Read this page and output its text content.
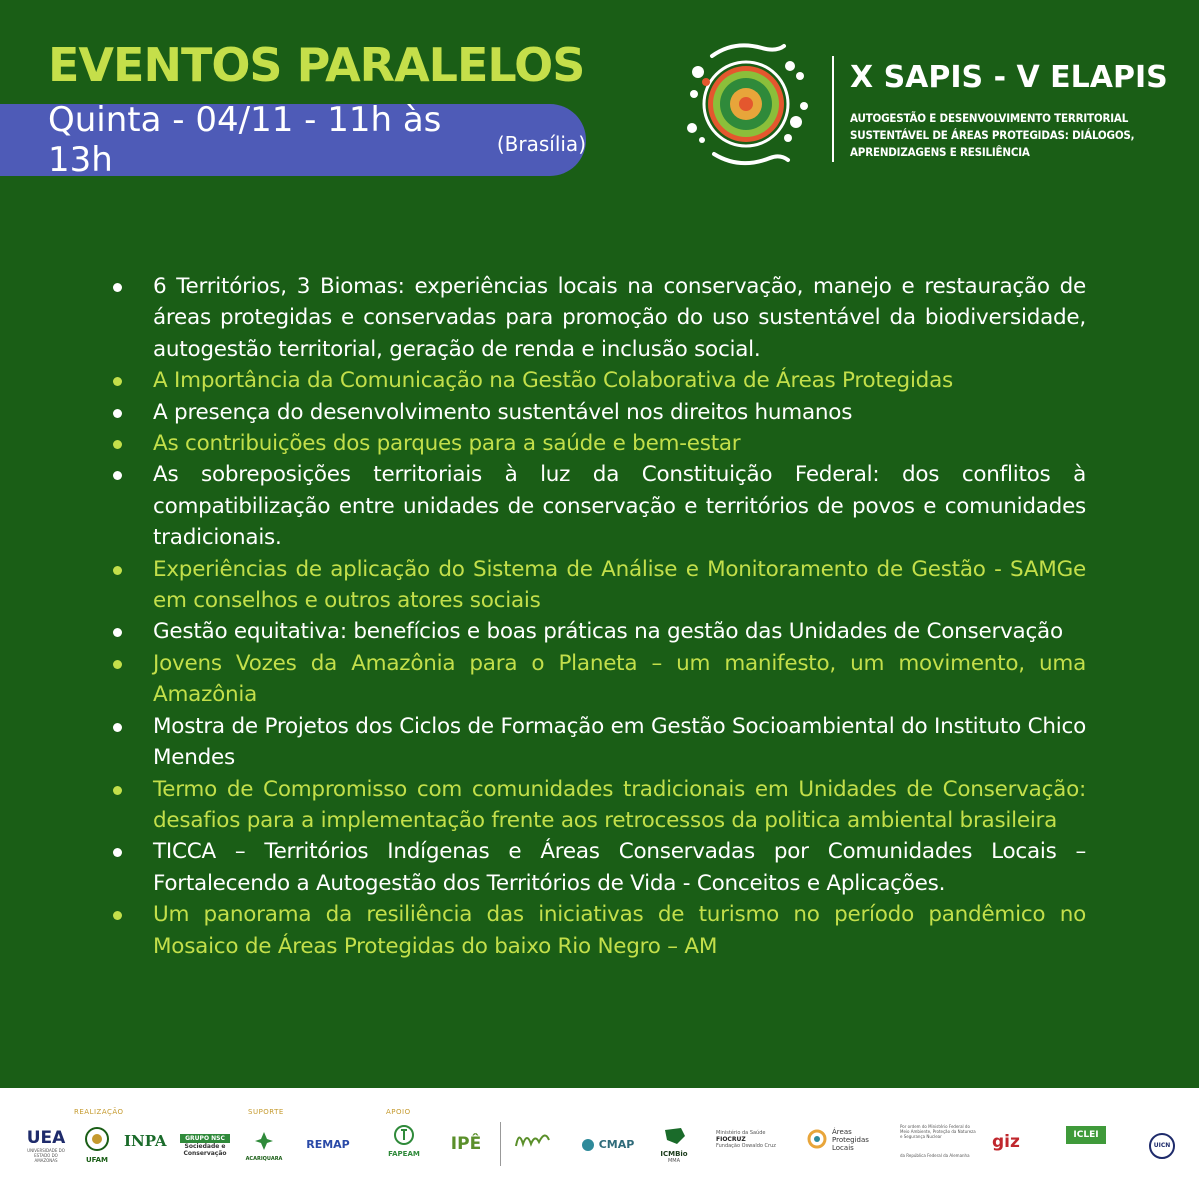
EVENTOS PARALELOS
Quinta - 04/11 - 11h às 13h	(Brasília)
X SAPIS - V ELAPIS
AUTOGESTÃO E DESENVOLVIMENTO TERRITORIAL SUSTENTÁVEL DE ÁREAS PROTEGIDAS: DIÁLOGOS, APRENDIZAGENS E RESILIÊNCIA
6 Territórios, 3 Biomas: experiências locais na conservação, manejo e restauração de áreas protegidas e conservadas para promoção do uso sustentável da biodiversidade, autogestão territorial, geração de renda e inclusão social.
A Importância da Comunicação na Gestão Colaborativa de Áreas Protegidas
A presença do desenvolvimento sustentável nos direitos humanos
As contribuições dos parques para a saúde e bem-estar
As sobreposições territoriais à luz da Constituição Federal: dos conflitos à compatibilização entre unidades de conservação e territórios de povos e comunidades tradicionais.
Experiências de aplicação do Sistema de Análise e Monitoramento de Gestão - SAMGe em conselhos e outros atores sociais
Gestão equitativa: benefícios e boas práticas na gestão das Unidades de Conservação
Jovens Vozes da Amazônia para o Planeta – um manifesto, um movimento, uma Amazônia
Mostra de Projetos dos Ciclos de Formação em Gestão Socioambiental do Instituto Chico Mendes
Termo de Compromisso com comunidades tradicionais em Unidades de Conservação: desafios para a implementação frente aos retrocessos da politica ambiental brasileira
TICCA – Territórios Indígenas e Áreas Conservadas por Comunidades Locais – Fortalecendo a Autogestão dos Territórios de Vida - Conceitos e Aplicações.
Um panorama da resiliência das iniciativas de turismo no período pandêmico no Mosaico de Áreas Protegidas do baixo Rio Negro – AM
REALIZAÇÃO	SUPORTE	APOIO
UEA
UNIVERSIDADE DO ESTADO DO AMAZONAS	UFAM
INPA	GRUPO NSC
Sociedade e Conservação
ACARIQUARA
REMAP
FAPEAM	IPÊ	CMAP
ICMBio
MMA
Ministério da Saúde
FIOCRUZ
Fundação Oswaldo Cruz
Áreas Protegidas Locais
Por ordem do Ministério Federal do Meio Ambiente, Proteção da Natureza e Segurança Nuclear
da República Federal da Alemanha
giz	ICLEI
UICN
